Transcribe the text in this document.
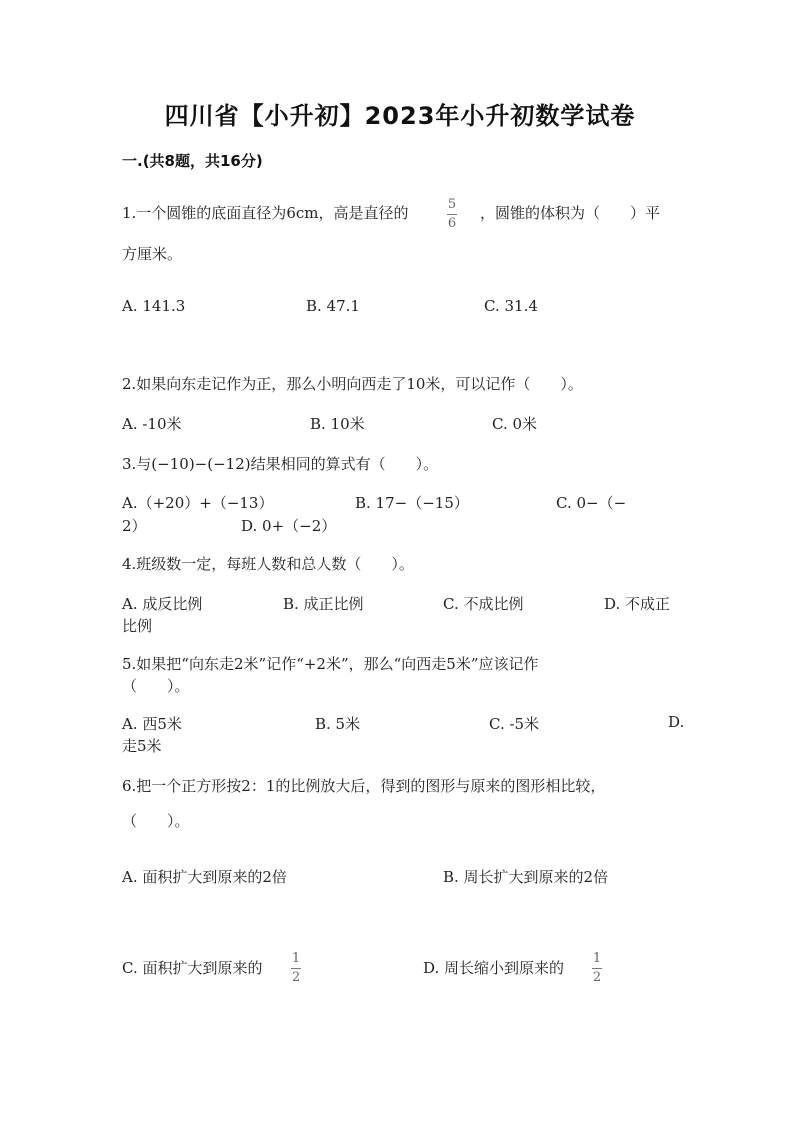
四川省【小升初】2023年小升初数学试卷
一.(共8题，共16分)
1.一个圆锥的底面直径为6cm，高是直径的	5
6
，圆锥的体积为（　　）平
方厘米。
A. 141.3	B. 47.1	C. 31.4
2.如果向东走记作为正，那么小明向西走了10米，可以记作（　　）。
A. -10米	B. 10米	C. 0米
3.与(−10)−(−12)结果相同的算式有（　　）。
A.（+20）+（−13）	B. 17−（−15）	C. 0−（−
2）	D. 0+（−2）
4.班级数一定，每班人数和总人数（　　）。
A. 成反比例	B. 成正比例	C. 不成比例	D. 不成正
比例
5.如果把“向东走2米”记作“+2米”，那么“向西走5米”应该记作
（　　）。
A. 西5米	B. 5米	C. -5米	D.
走5米
6.把一个正方形按2：1的比例放大后，得到的图形与原来的图形相比较，
（　　）。
A. 面积扩大到原来的2倍	B. 周长扩大到原来的2倍
C. 面积扩大到原来的
1
2
D. 周长缩小到原来的
1
2
